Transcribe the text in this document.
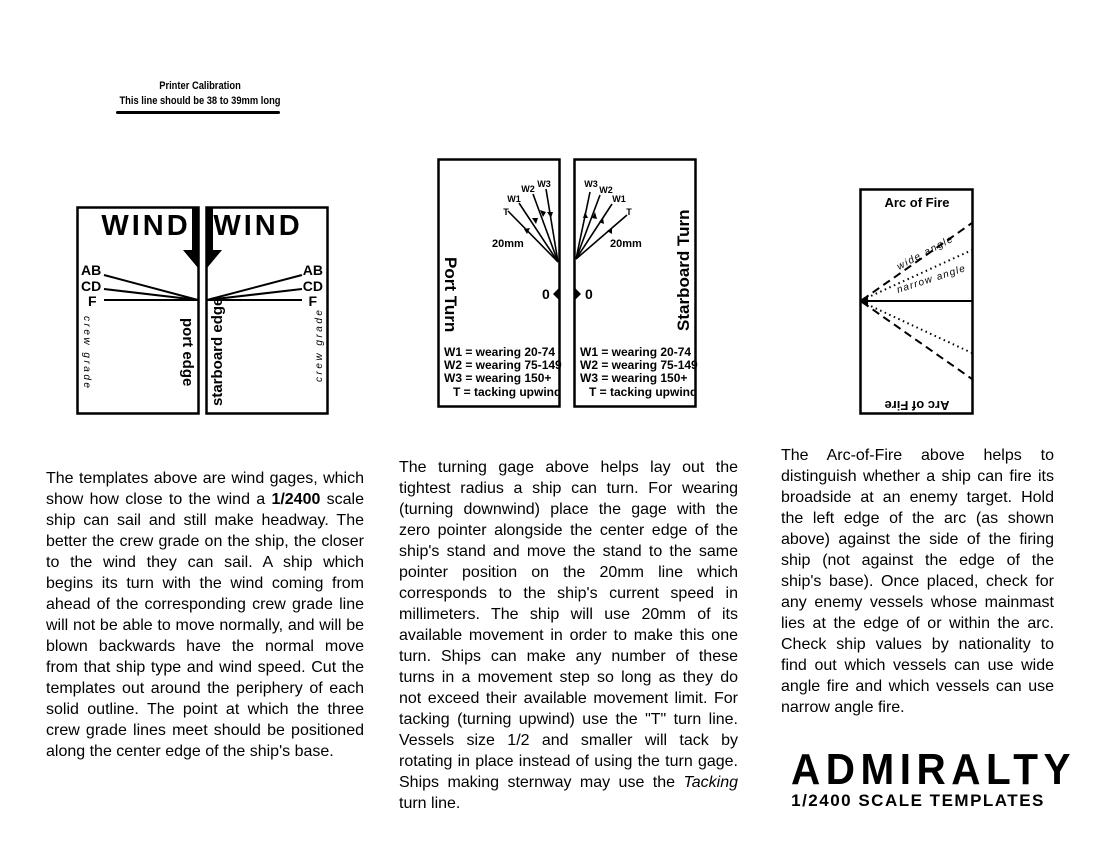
Printer Calibration
This line should be 38 to 39mm long
WIND
AB
CD
F
crew grade	port edge
WIND
AB
CD
F
crew grade
starboard edge
T
W1
W2 W3
20mm
0
Port Turn
W1 = wearing 20-74
W2 = wearing 75-149
W3 = wearing 150+
T = tacking upwind
T
W1
W2
W3
20mm
0	Starboard Turn
W1 = wearing 20-74
W2 = wearing 75-149
W3 = wearing 150+
T = tacking upwind
Arc of Fire
Arc of Fire
wide angle
narrow angle
The templates above are wind gages, which show how close to the wind a 1/2400 scale ship can sail and still make headway. The better the crew grade on the ship, the closer to the wind they can sail. A ship which begins its turn with the wind coming from ahead of the corresponding crew grade line will not be able to move normally, and will be blown backwards have the normal move from that ship type and wind speed. Cut the templates out around the periphery of each solid outline. The point at which the three crew grade lines meet should be positioned along the center edge of the ship's base.
The turning gage above helps lay out the tightest radius a ship can turn. For wearing (turning downwind) place the gage with the zero pointer alongside the center edge of the ship's stand and move the stand to the same pointer position on the 20mm line which corresponds to the ship's current speed in millimeters. The ship will use 20mm of its available movement in order to make this one turn. Ships can make any number of these turns in a movement step so long as they do not exceed their available movement limit. For tacking (turning upwind) use the "T" turn line. Vessels size 1/2 and smaller will tack by rotating in place instead of using the turn gage. Ships making sternway may use the Tacking turn line.
The Arc-of-Fire above helps to distinguish whether a ship can fire its broadside at an enemy target. Hold the left edge of the arc (as shown above) against the side of the firing ship (not against the edge of the ship's base). Once placed, check for any enemy vessels whose mainmast lies at the edge of or within the arc. Check ship values by nationality to find out which vessels can use wide angle fire and which vessels can use narrow angle fire.
ADMIRALTY
1/2400 SCALE TEMPLATES
